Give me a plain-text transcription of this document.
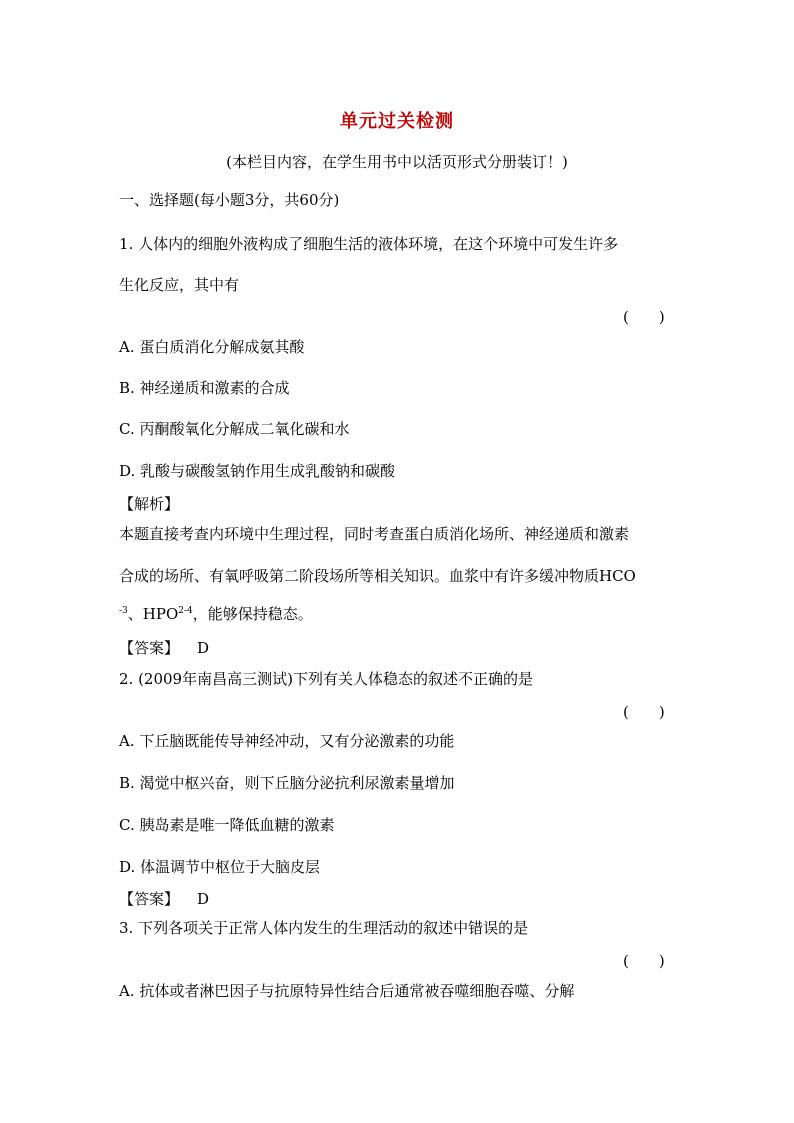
单元过关检测
(本栏目内容，在学生用书中以活页形式分册装订！)
一、选择题(每小题3分，共60分)
1. 人体内的细胞外液构成了细胞生活的液体环境，在这个环境中可发生许多
生化反应，其中有
(　　)
A. 蛋白质消化分解成氨其酸
B. 神经递质和激素的合成
C. 丙酮酸氧化分解成二氧化碳和水
D. 乳酸与碳酸氢钠作用生成乳酸钠和碳酸
【解析】
本题直接考查内环境中生理过程，同时考查蛋白质消化场所、神经递质和激素
合成的场所、有氧呼吸第二阶段场所等相关知识。血浆中有许多缓冲物质HCO
$^{-3}$、HPO$^{2-4}$，能够保持稳态。
【答案】 D
2. (2009年南昌高三测试)下列有关人体稳态的叙述不正确的是
(　　)
A. 下丘脑既能传导神经冲动，又有分泌激素的功能
B. 渴觉中枢兴奋，则下丘脑分泌抗利尿激素量增加
C. 胰岛素是唯一降低血糖的激素
D. 体温调节中枢位于大脑皮层
【答案】 D
3. 下列各项关于正常人体内发生的生理活动的叙述中错误的是
(　　)
A. 抗体或者淋巴因子与抗原特异性结合后通常被吞噬细胞吞噬、分解
